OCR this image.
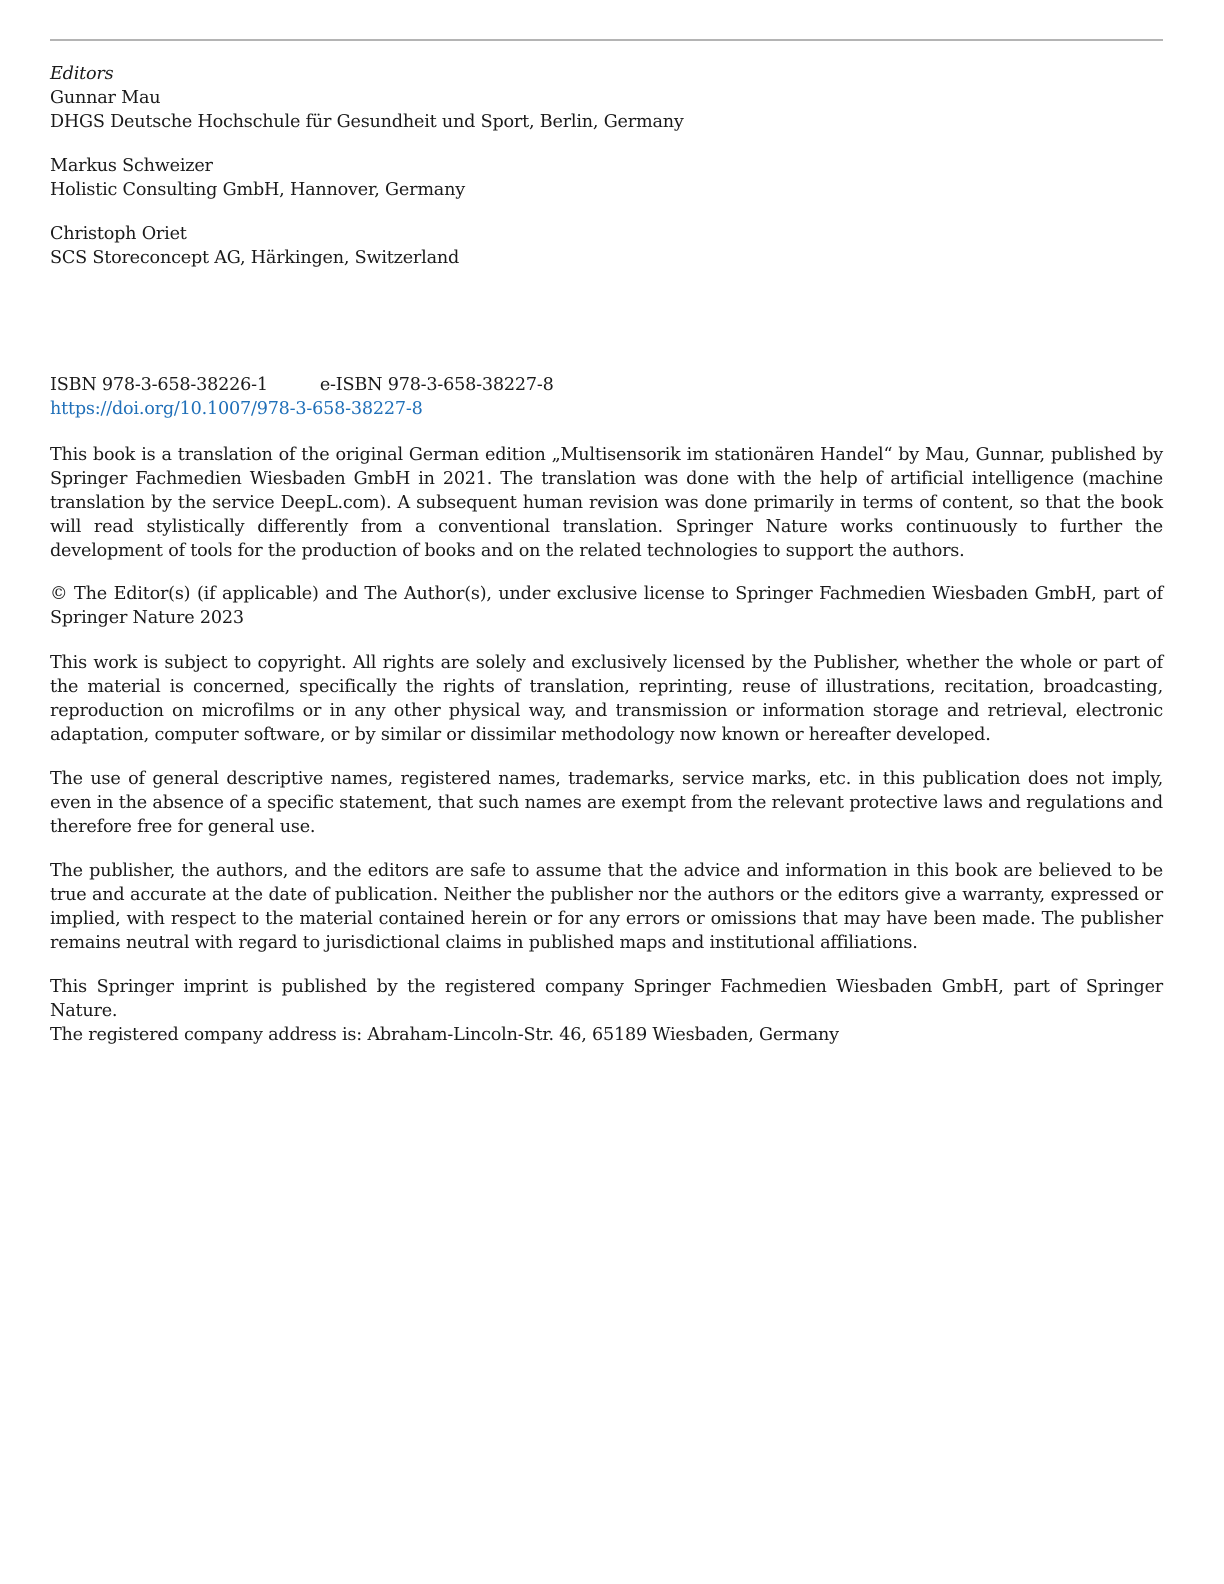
Editors
Gunnar Mau
DHGS Deutsche Hochschule für Gesundheit und Sport, Berlin, Germany
Markus Schweizer
Holistic Consulting GmbH, Hannover, Germany
Christoph Oriet
SCS Storeconcept AG, Härkingen, Switzerland
ISBN 978-3-658-38226-1	e-ISBN 978-3-658-38227-8
https://doi.org/10.1007/978-3-658-38227-8
This book is a translation of the original German edition „Multisensorik im stationären Handel“ by Mau, Gunnar, published by Springer Fachmedien Wiesbaden GmbH in 2021. The translation was done with the help of artificial intelligence (machine translation by the service DeepL.com). A subsequent human revision was done primarily in terms of content, so that the book will read stylistically differently from a conventional translation. Springer Nature works continuously to further the development of tools for the production of books and on the related technologies to support the authors.
© The Editor(s) (if applicable) and The Author(s), under exclusive license to Springer Fachmedien Wiesbaden GmbH, part of Springer Nature 2023
This work is subject to copyright. All rights are solely and exclusively licensed by the Publisher, whether the whole or part of the material is concerned, specifically the rights of translation, reprinting, reuse of illustrations, recitation, broadcasting, reproduction on microfilms or in any other physical way, and transmission or information storage and retrieval, electronic adaptation, computer software, or by similar or dissimilar methodology now known or hereafter developed.
The use of general descriptive names, registered names, trademarks, service marks, etc. in this publication does not imply, even in the absence of a specific statement, that such names are exempt from the relevant protective laws and regulations and therefore free for general use.
The publisher, the authors, and the editors are safe to assume that the advice and information in this book are believed to be true and accurate at the date of publication. Neither the publisher nor the authors or the editors give a warranty, expressed or implied, with respect to the material contained herein or for any errors or omissions that may have been made. The publisher remains neutral with regard to jurisdictional claims in published maps and institutional affiliations.
This Springer imprint is published by the registered company Springer Fachmedien Wiesbaden GmbH, part of Springer Nature.
The registered company address is: Abraham-Lincoln-Str. 46, 65189 Wiesbaden, Germany
